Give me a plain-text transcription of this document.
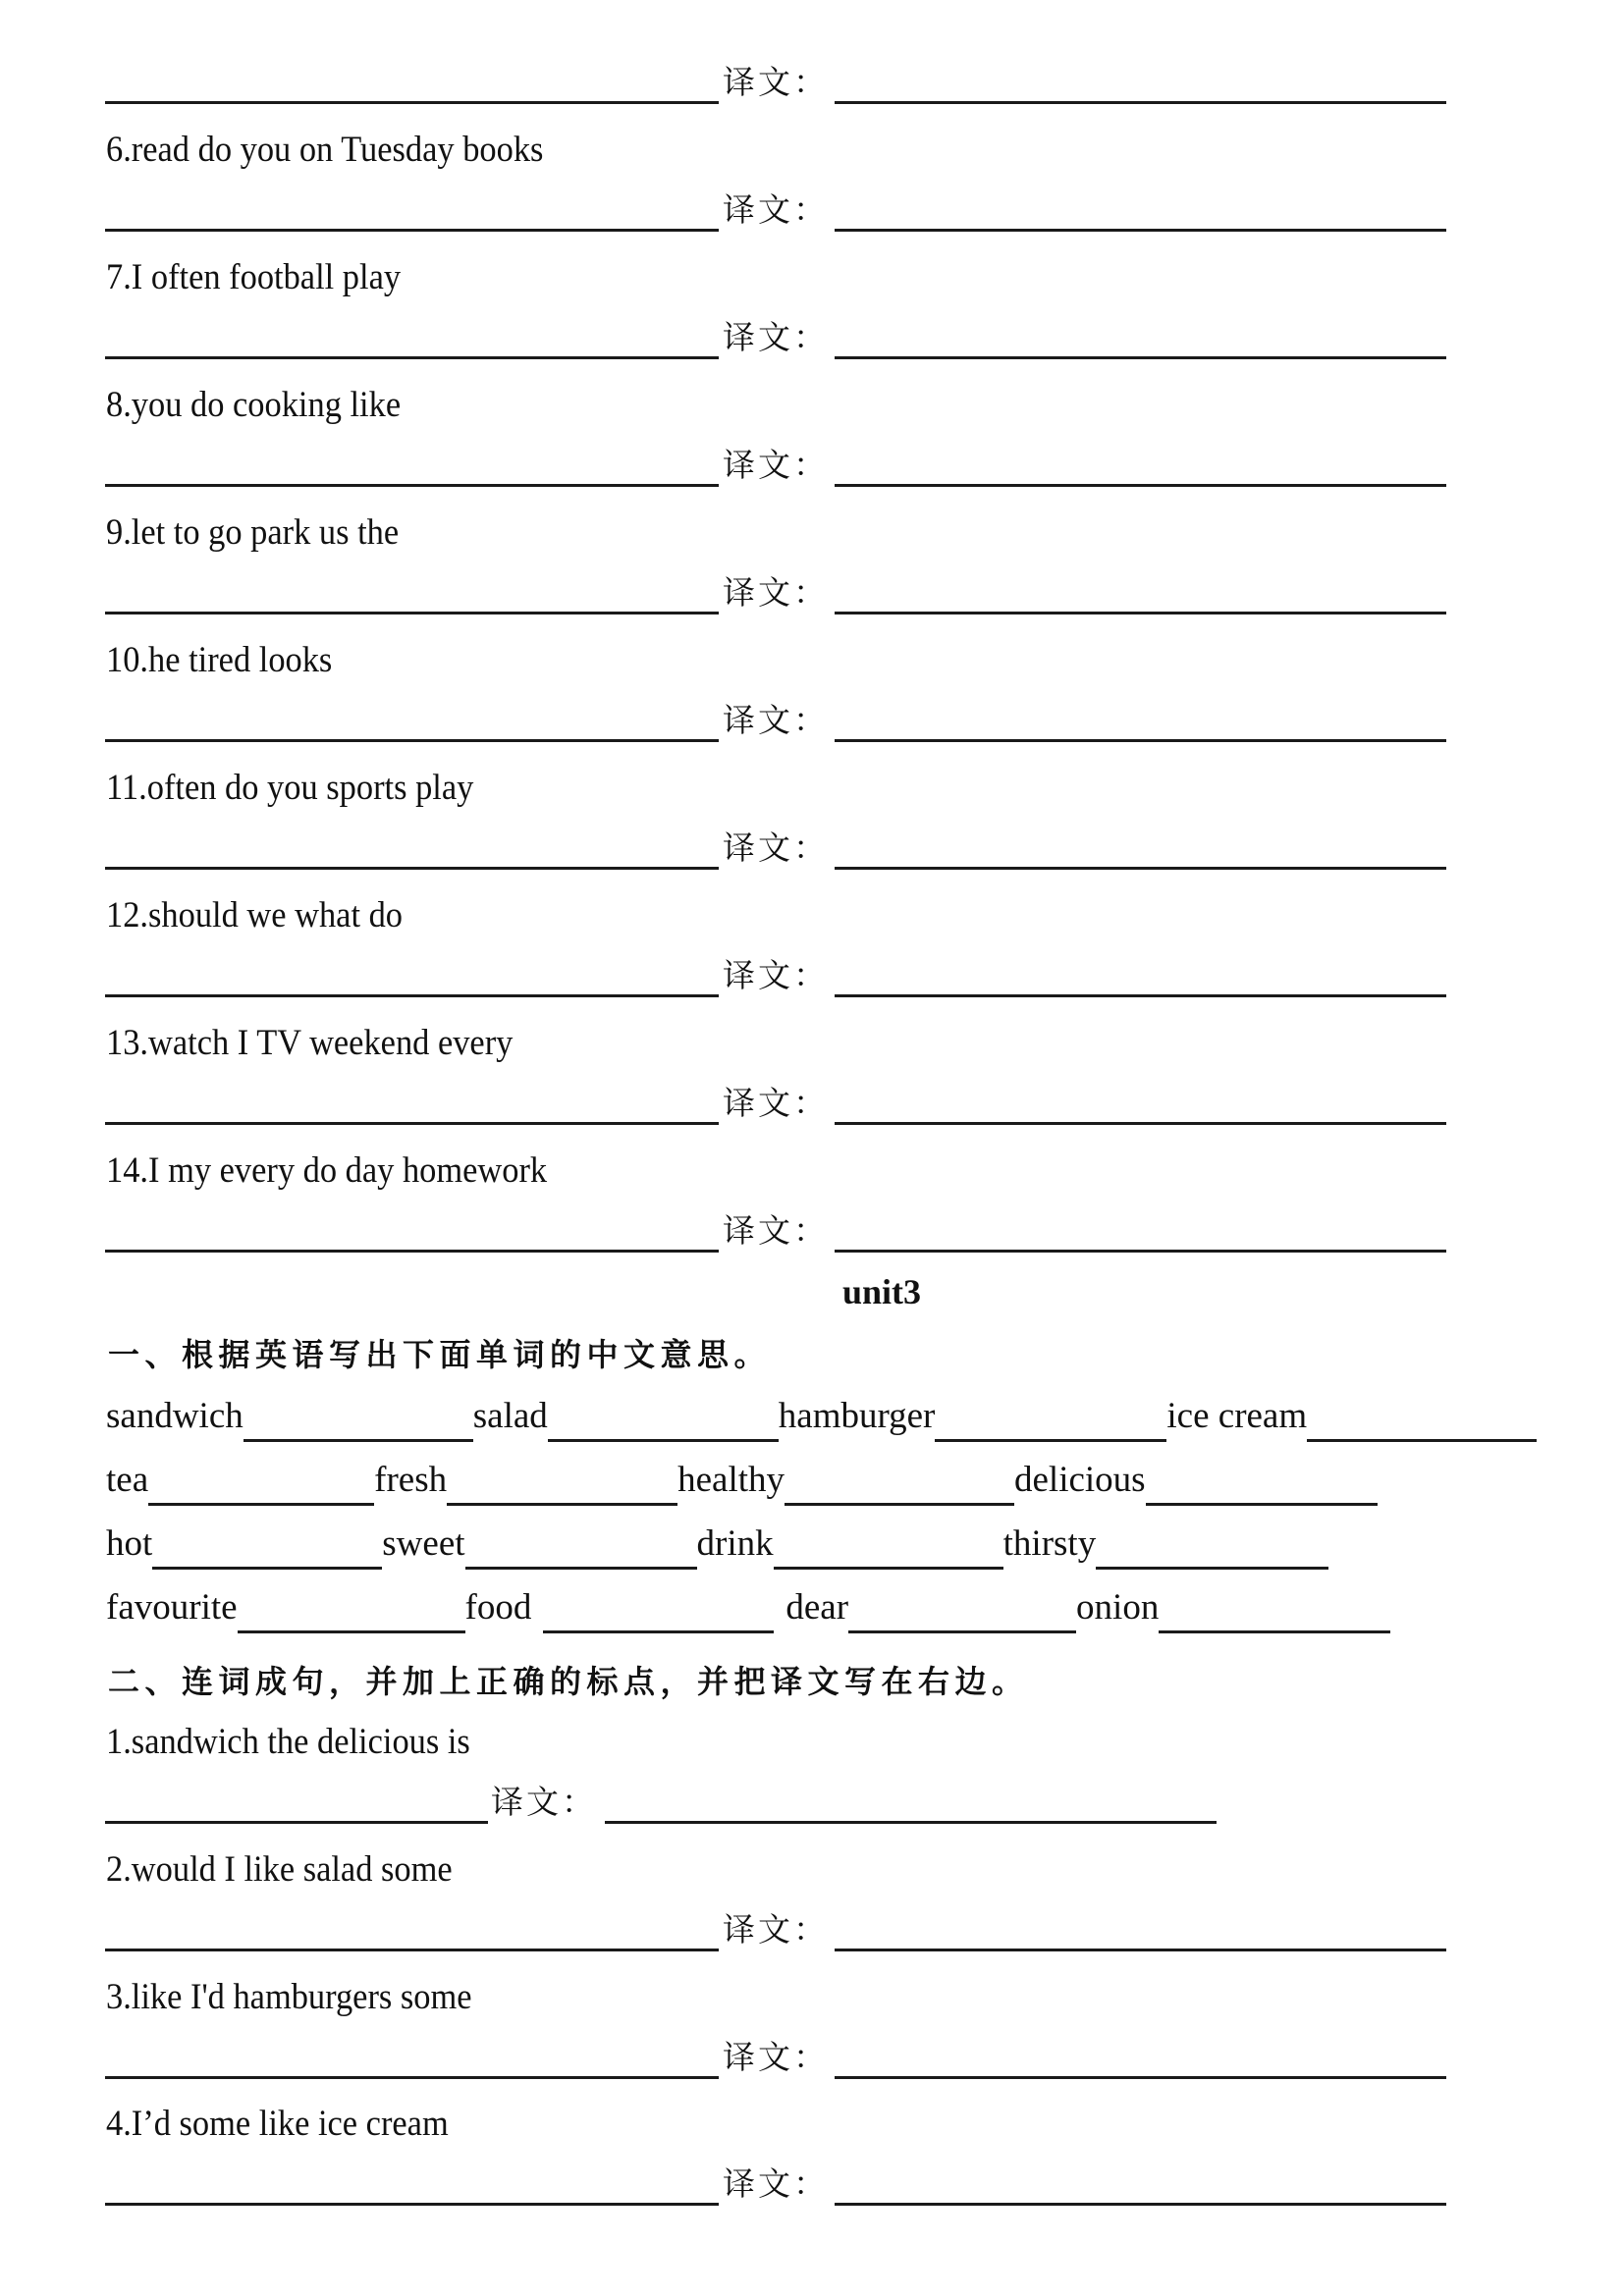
译文：
6.read do you on Tuesday books
译文：
7.I often football play
译文：
8.you do cooking like
译文：
9.let to go park us the
译文：
10.he tired looks
译文：
11.often do you sports play
译文：
12.should we what do
译文：
13.watch I TV weekend every
译文：
14.I my every do day homework
译文：
unit3
一、根据英语写出下面单词的中文意思。
sandwich	salad	hamburger	ice cream
tea	fresh	healthy	delicious
hot	sweet	drink	thirsty
favourite	food	dear	onion
二、连词成句，并加上正确的标点，并把译文写在右边。
1.sandwich the delicious is
译文：
2.would I like salad some
译文：
3.like I'd hamburgers some
译文：
4.I’d some like ice cream
译文：
